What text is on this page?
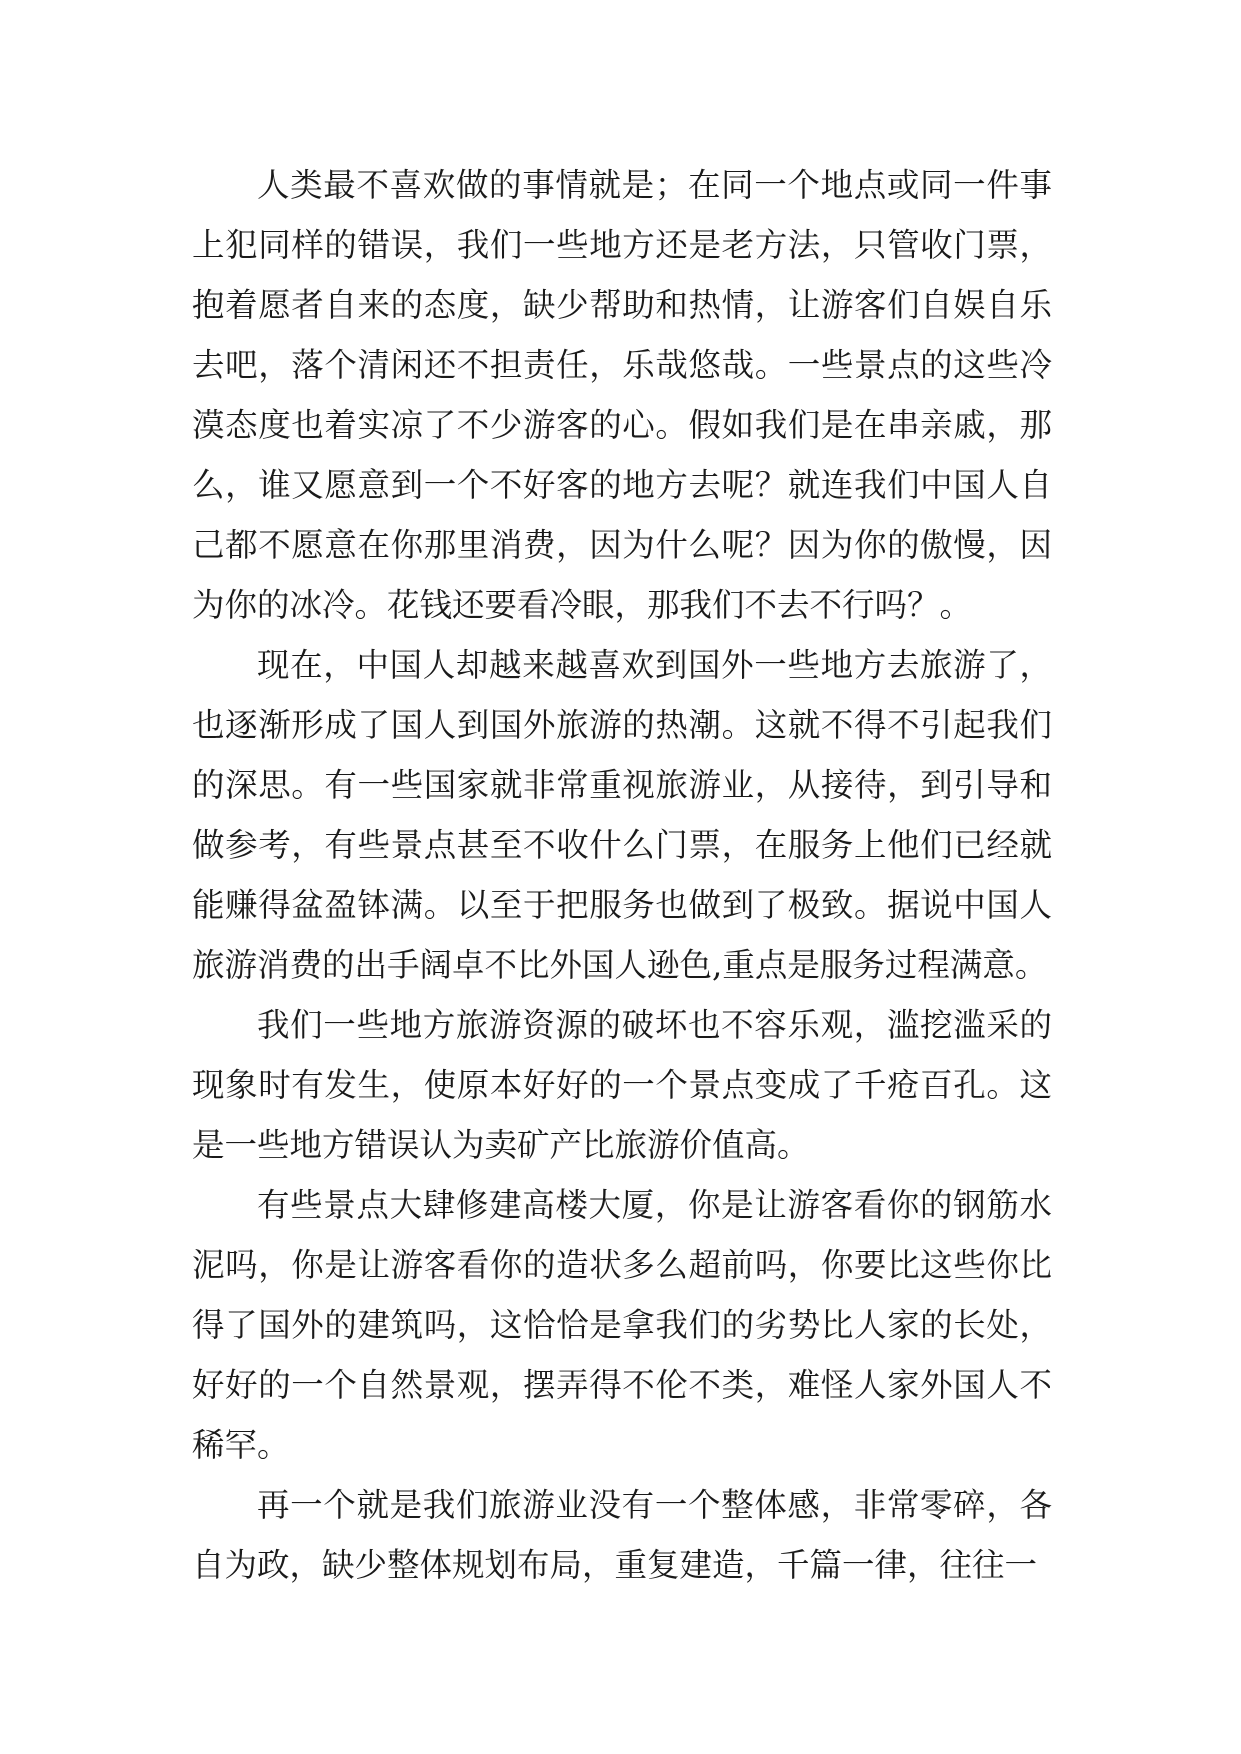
人类最不喜欢做的事情就是；在同一个地点或同一件事上犯同样的错误，我们一些地方还是老方法，只管收门票，抱着愿者自来的态度，缺少帮助和热情，让游客们自娱自乐去吧，落个清闲还不担责任，乐哉悠哉。一些景点的这些冷漠态度也着实凉了不少游客的心。假如我们是在串亲戚，那么，谁又愿意到一个不好客的地方去呢？就连我们中国人自己都不愿意在你那里消费，因为什么呢？因为你的傲慢，因为你的冰冷。花钱还要看冷眼，那我们不去不行吗？。

现在，中国人却越来越喜欢到国外一些地方去旅游了，也逐渐形成了国人到国外旅游的热潮。这就不得不引起我们的深思。有一些国家就非常重视旅游业，从接待，到引导和做参考，有些景点甚至不收什么门票，在服务上他们已经就能赚得盆盈钵满。以至于把服务也做到了极致。据说中国人旅游消费的出手阔卓不比外国人逊色,重点是服务过程满意。

我们一些地方旅游资源的破坏也不容乐观，滥挖滥采的现象时有发生，使原本好好的一个景点变成了千疮百孔。这是一些地方错误认为卖矿产比旅游价值高。

有些景点大肆修建高楼大厦，你是让游客看你的钢筋水泥吗，你是让游客看你的造状多么超前吗，你要比这些你比得了国外的建筑吗，这恰恰是拿我们的劣势比人家的长处，好好的一个自然景观，摆弄得不伦不类，难怪人家外国人不稀罕。

再一个就是我们旅游业没有一个整体感，非常零碎，各自为政，缺少整体规划布局，重复建造，千篇一律，往往一
